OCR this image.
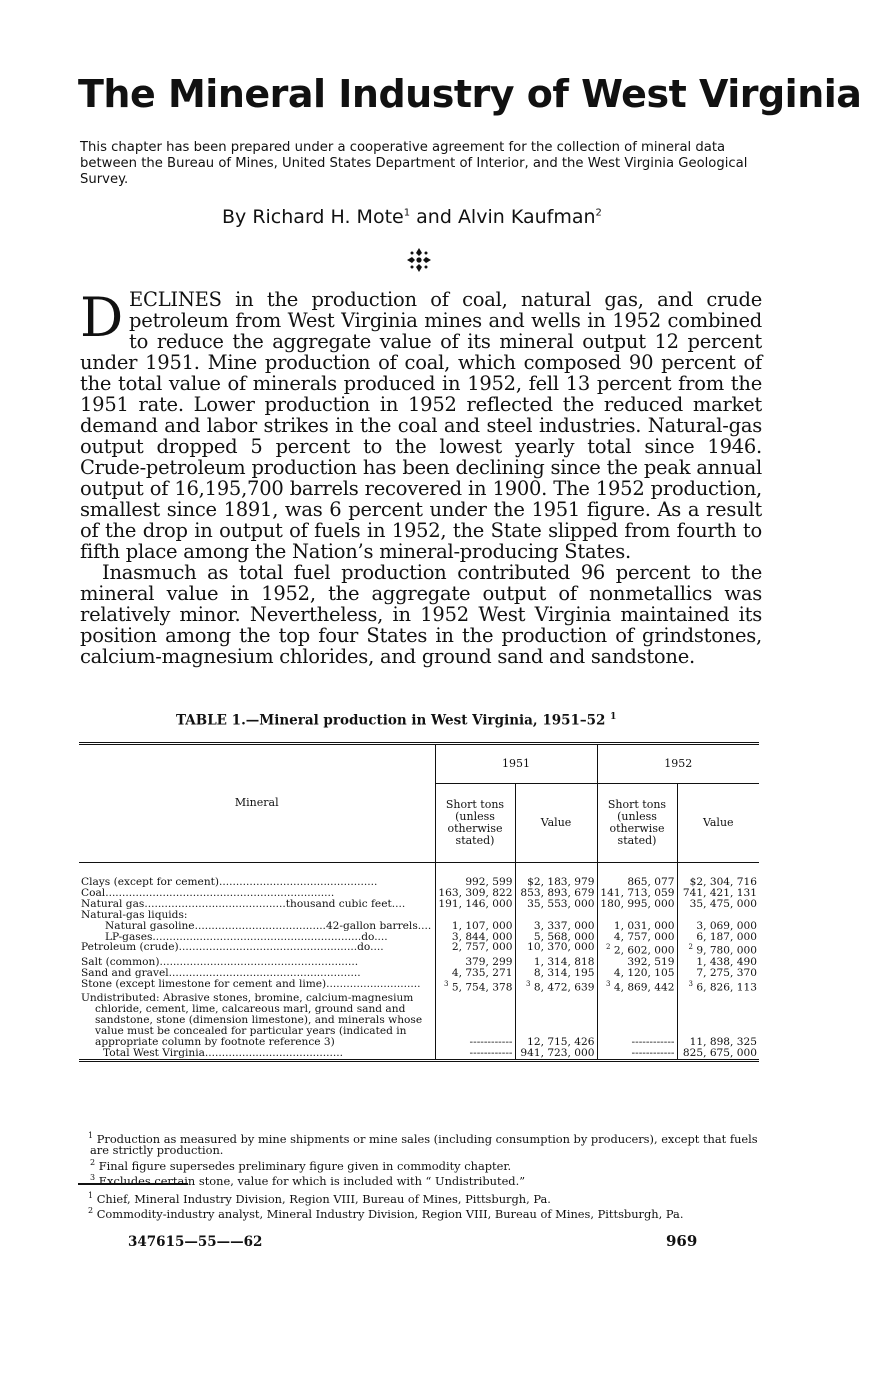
The Mineral Industry of West Virginia
This chapter has been prepared under a cooperative agreement for the collection of mineral data between the Bureau of Mines, United States Department of Interior, and the West Virginia Geological Survey.
By Richard H. Mote$^1$ and Alvin Kaufman$^2$

DECLINES in the production of coal, natural gas, and crude petroleum from West Virginia mines and wells in 1952 combined to reduce the aggregate value of its mineral output 12 percent under 1951. Mine production of coal, which composed 90 percent of the total value of minerals produced in 1952, fell 13 percent from the 1951 rate. Lower production in 1952 reflected the reduced market demand and labor strikes in the coal and steel industries. Natural-gas output dropped 5 percent to the lowest yearly total since 1946. Crude-petroleum production has been declining since the peak annual output of 16,195,700 barrels recovered in 1900. The 1952 production, smallest since 1891, was 6 percent under the 1951 figure. As a result of the drop in output of fuels in 1952, the State slipped from fourth to fifth place among the Nation’s mineral-producing States.

Inasmuch as total fuel production contributed 96 percent to the mineral value in 1952, the aggregate output of nonmetallics was relatively minor. Nevertheless, in 1952 West Virginia maintained its position among the top four States in the production of grindstones, calcium-magnesium chlorides, and ground sand and sandstone.

TABLE 1.—Mineral production in West Virginia, 1951–52 $^1$
Mineral	1951		1952	
	Short tons (unless otherwise stated)	Value	Short tons (unless otherwise stated)	Value

Clays (except for cement)...............................................	992, 599	$2, 183, 979	865, 077	$2, 304, 716
Coal....................................................................	163, 309, 822	853, 893, 679	141, 713, 059	741, 421, 131
Natural gas..........................................thousand cubic feet....	191, 146, 000	35, 553, 000	180, 995, 000	35, 475, 000
Natural-gas liquids:				
Natural gasoline.......................................42-gallon barrels....	1, 107, 000	3, 337, 000	1, 031, 000	3, 069, 000
LP-gases..............................................................do....	3, 844, 000	5, 568, 000	4, 757, 000	6, 187, 000
Petroleum (crude).....................................................do....	2, 757, 000	10, 370, 000	$^2$ 2, 602, 000	$^2$ 9, 780, 000
Salt (common)...........................................................	379, 299	1, 314, 818	392, 519	1, 438, 490
Sand and gravel.........................................................	4, 735, 271	8, 314, 195	4, 120, 105	7, 275, 370
Stone (except limestone for cement and lime)............................	$^3$ 5, 754, 378	$^3$ 8, 472, 639	$^3$ 4, 869, 442	$^3$ 6, 826, 113

Undistributed: Abrasive stones, bromine, calcium-magnesium chloride, cement, lime, calcareous marl, ground sand and sandstone, stone (dimension limestone), and minerals whose value must be concealed for particular years (indicated in appropriate column by footnote reference 3)	------------	12, 715, 426	------------	11, 898, 325
Total West Virginia.........................................	------------	941, 723, 000	------------	825, 675, 000
$^1$ Production as measured by mine shipments or mine sales (including consumption by producers), except that fuels are strictly production.
$^2$ Final figure supersedes preliminary figure given in commodity chapter.
$^3$ Excludes certain stone, value for which is included with “ Undistributed.”
$^1$ Chief, Mineral Industry Division, Region VIII, Bureau of Mines, Pittsburgh, Pa.
$^2$ Commodity-industry analyst, Mineral Industry Division, Region VIII, Bureau of Mines, Pittsburgh, Pa.
347615—55——62	969
